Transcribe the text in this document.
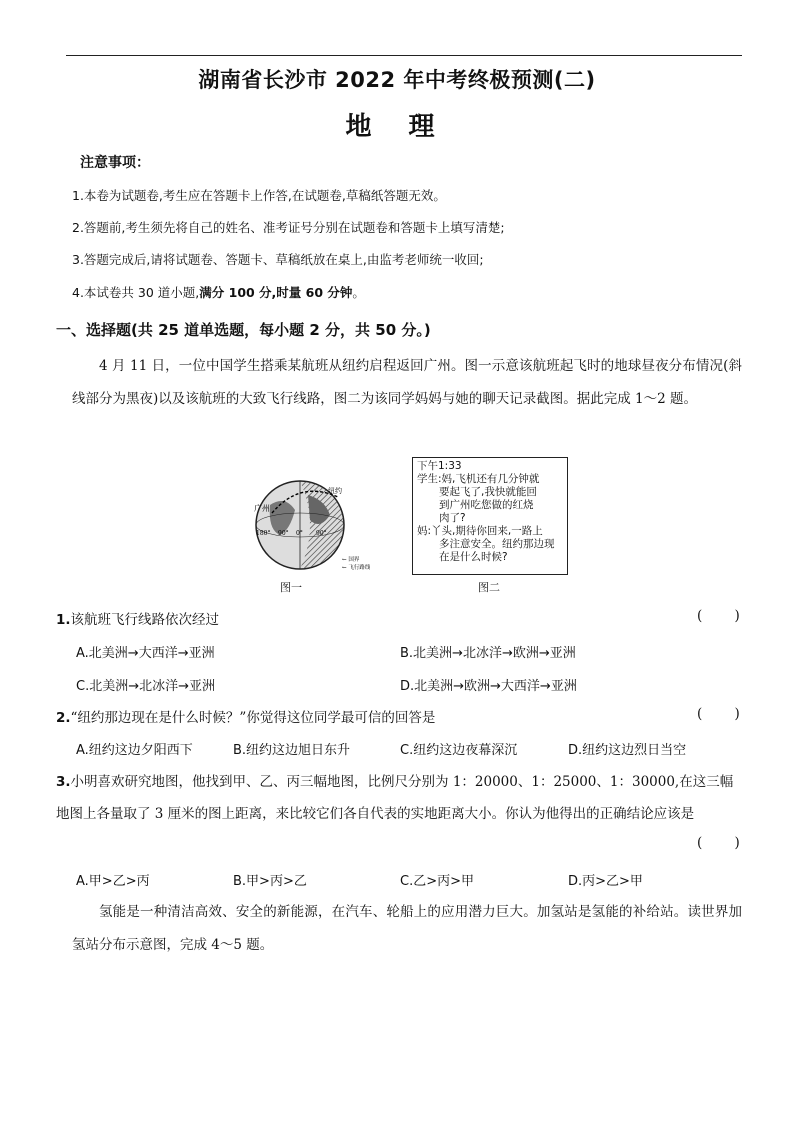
湖南省长沙市 2022 年中考终极预测(二)
地 理
注意事项：
1.本卷为试题卷,考生应在答题卡上作答,在试题卷,草稿纸答题无效。
2.答题前,考生须先将自己的姓名、准考证号分别在试题卷和答题卡上填写清楚;
3.答题完成后,请将试题卷、答题卡、草稿纸放在桌上,由监考老师统一收回;
4.本试卷共 30 道小题,满分 100 分,时量 60 分钟。
一、选择题(共 25 道单选题，每小题 2 分，共 50 分。)
4 月 11 日，一位中国学生搭乘某航班从纽约启程返回广州。图一示意该航班起飞时的地球昼夜分布情况(斜线部分为黑夜)以及该航班的大致飞行线路，图二为该同学妈妈与她的聊天记录截图。据此完成 1～2 题。
广州
纽约
180° 90° 0° 90°
← 国界
← 飞行路线
图一
下午1:33
学生:妈,飞机还有几分钟就
要起飞了,我快就能回
到广州吃您做的红烧
肉了?
妈:丫头,期待你回来,一路上
多注意安全。纽约那边现
在是什么时候?
图二
1.该航班飞行线路依次经过	( )
A.北美洲→大西洋→亚洲	B.北美洲→北冰洋→欧洲→亚洲
C.北美洲→北冰洋→亚洲	D.北美洲→欧洲→大西洋→亚洲
2.“纽约那边现在是什么时候？”你觉得这位同学最可信的回答是	( )
A.纽约这边夕阳西下	B.纽约这边旭日东升	C.纽约这边夜幕深沉	D.纽约这边烈日当空
3.小明喜欢研究地图，他找到甲、乙、丙三幅地图，比例尺分别为 1：20000、1：25000、1：30000,在这三幅地图上各量取了 3 厘米的图上距离，来比较它们各自代表的实地距离大小。你认为他得出的正确结论应该是
( )
A.甲>乙>丙	B.甲>丙>乙	C.乙>丙>甲	D.丙>乙>甲
氢能是一种清洁高效、安全的新能源，在汽车、轮船上的应用潜力巨大。加氢站是氢能的补给站。读世界加氢站分布示意图，完成 4～5 题。
